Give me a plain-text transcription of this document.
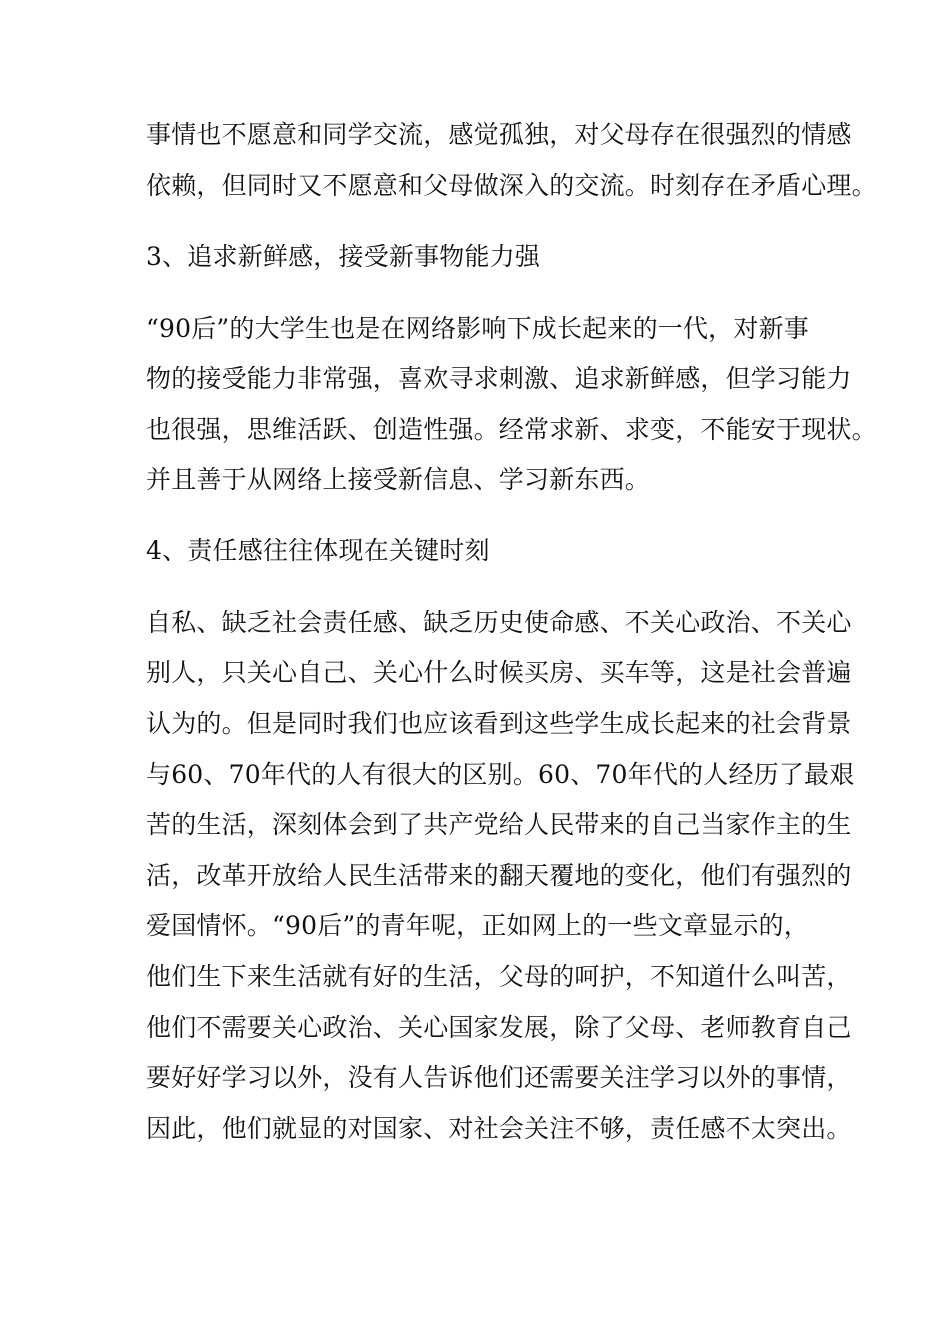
事情也不愿意和同学交流，感觉孤独，对父母存在很强烈的情感
依赖，但同时又不愿意和父母做深入的交流。时刻存在矛盾心理。
3、追求新鲜感，接受新事物能力强
“90后”的大学生也是在网络影响下成长起来的一代，对新事
物的接受能力非常强，喜欢寻求刺激、追求新鲜感，但学习能力
也很强，思维活跃、创造性强。经常求新、求变，不能安于现状。
并且善于从网络上接受新信息、学习新东西。
4、责任感往往体现在关键时刻
自私、缺乏社会责任感、缺乏历史使命感、不关心政治、不关心
别人，只关心自己、关心什么时候买房、买车等，这是社会普遍
认为的。但是同时我们也应该看到这些学生成长起来的社会背景
与60、70年代的人有很大的区别。60、70年代的人经历了最艰
苦的生活，深刻体会到了共产党给人民带来的自己当家作主的生
活，改革开放给人民生活带来的翻天覆地的变化，他们有强烈的
爱国情怀。“90后”的青年呢，正如网上的一些文章显示的，
他们生下来生活就有好的生活，父母的呵护，不知道什么叫苦，
他们不需要关心政治、关心国家发展，除了父母、老师教育自己
要好好学习以外，没有人告诉他们还需要关注学习以外的事情，
因此，他们就显的对国家、对社会关注不够，责任感不太突出。
